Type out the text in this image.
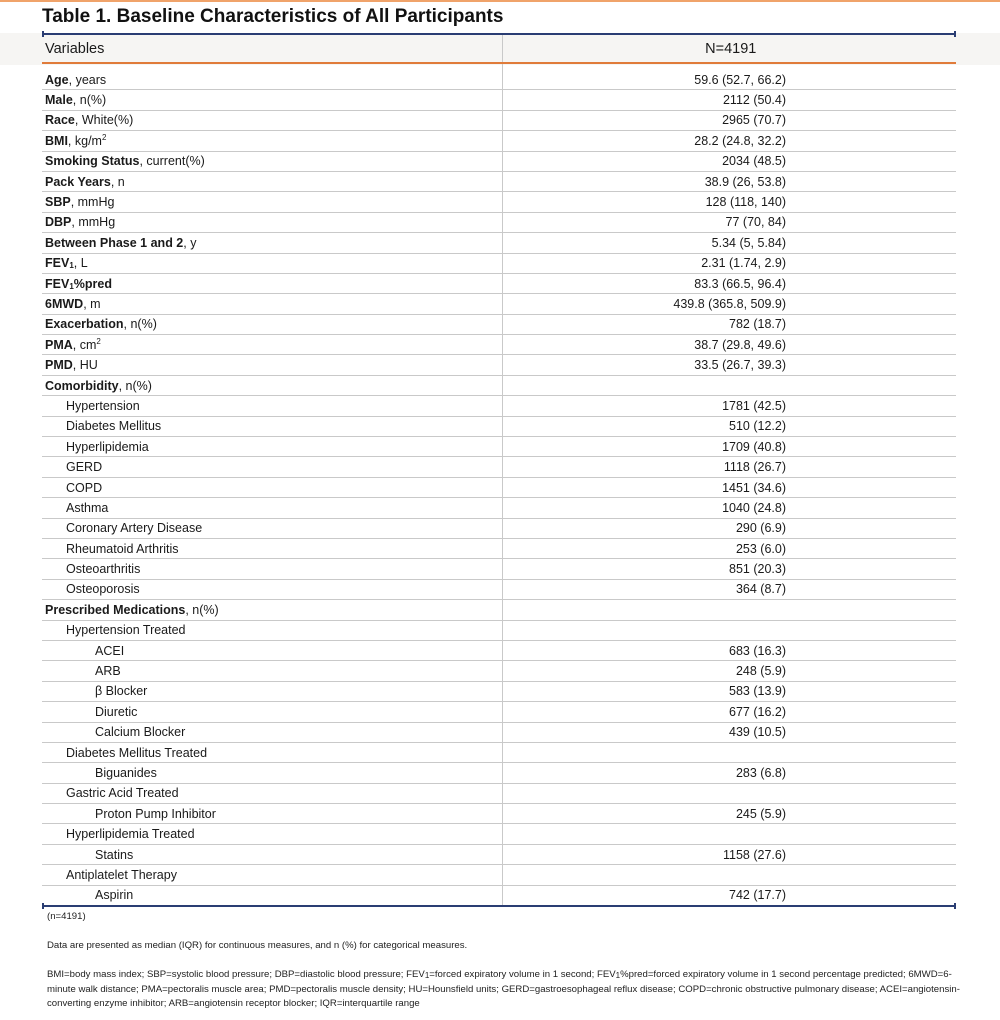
Table 1. Baseline Characteristics of All Participants
Variables	N=4191
Age, years	59.6 (52.7, 66.2)
Male, n(%)	2112 (50.4)
Race, White(%)	2965 (70.7)
BMI, $kg/m^2$	28.2 (24.8, 32.2)
Smoking Status, current(%)	2034 (48.5)
Pack Years, n	38.9 (26, 53.8)
SBP, mmHg	128 (118, 140)
DBP, mmHg	77 (70, 84)
Between Phase 1 and 2, y	5.34 (5, 5.84)
FEV1, L	2.31 (1.74, 2.9)
FEV1%pred	83.3 (66.5, 96.4)
6MWD, m	439.8 (365.8, 509.9)
Exacerbation, n(%)	782 (18.7)
PMA, $cm^2$	38.7 (29.8, 49.6)
PMD, HU	33.5 (26.7, 39.3)
Comorbidity, n(%)	
Hypertension	1781 (42.5)
Diabetes Mellitus	510 (12.2)
Hyperlipidemia	1709 (40.8)
GERD	1118 (26.7)
COPD	1451 (34.6)
Asthma	1040 (24.8)
Coronary Artery Disease	290 (6.9)
Rheumatoid Arthritis	253 (6.0)
Osteoarthritis	851 (20.3)
Osteoporosis	364 (8.7)
Prescribed Medications, n(%)	
Hypertension Treated	
ACEI	683 (16.3)
ARB	248 (5.9)
β Blocker	583 (13.9)
Diuretic	677 (16.2)
Calcium Blocker	439 (10.5)
Diabetes Mellitus Treated	
Biguanides	283 (6.8)
Gastric Acid Treated	
Proton Pump Inhibitor	245 (5.9)
Hyperlipidemia Treated	
Statins	1158 (27.6)
Antiplatelet Therapy	
Aspirin	742 (17.7)
(n=4191)
Data are presented as median (IQR) for continuous measures, and n (%) for categorical measures.
BMI=body mass index; SBP=systolic blood pressure; DBP=diastolic blood pressure; FEV1=forced expiratory volume in 1 second; FEV1%pred=forced expiratory volume in 1 second percentage predicted; 6MWD=6-minute walk distance; PMA=pectoralis muscle area; PMD=pectoralis muscle density; HU=Hounsfield units; GERD=gastroesophageal reflux disease; COPD=chronic obstructive pulmonary disease; ACEI=angiotensin-converting enzyme inhibitor; ARB=angiotensin receptor blocker; IQR=interquartile range
